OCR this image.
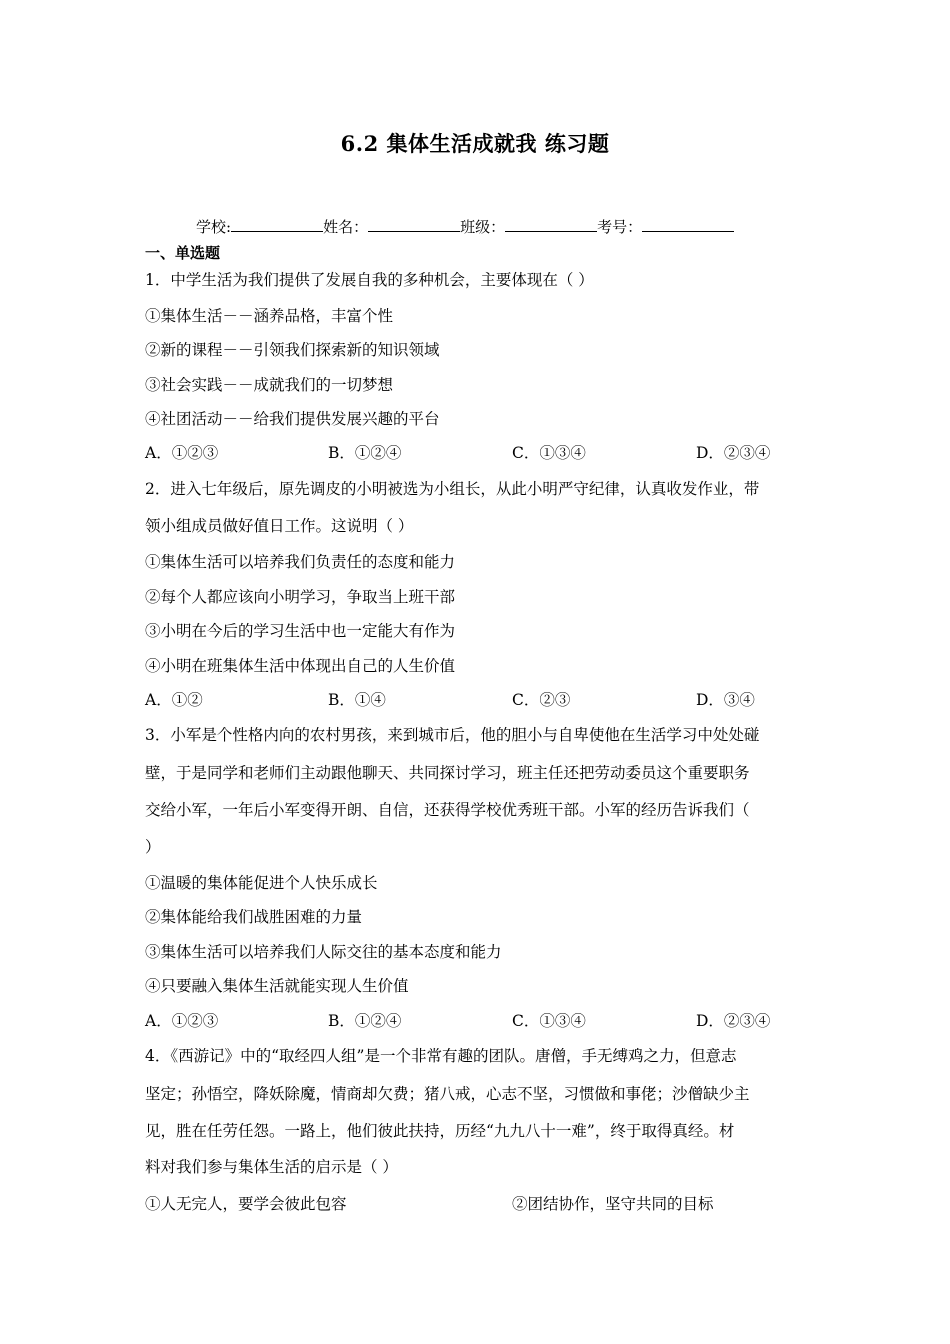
6.2 集体生活成就我 练习题
学校:	姓名：	班级：	考号：
一、单选题
1．中学生活为我们提供了发展自我的多种机会，主要体现在（ ）
①集体生活－－涵养品格，丰富个性
②新的课程－－引领我们探索新的知识领域
③社会实践－－成就我们的一切梦想
④社团活动－－给我们提供发展兴趣的平台
A．①②③	B．①②④	C．①③④	D．②③④
2．进入七年级后，原先调皮的小明被选为小组长，从此小明严守纪律，认真收发作业，带
领小组成员做好值日工作。这说明（ ）
①集体生活可以培养我们负责任的态度和能力
②每个人都应该向小明学习，争取当上班干部
③小明在今后的学习生活中也一定能大有作为
④小明在班集体生活中体现出自己的人生价值
A．①②	B．①④	C．②③	D．③④
3．小军是个性格内向的农村男孩，来到城市后，他的胆小与自卑使他在生活学习中处处碰
壁，于是同学和老师们主动跟他聊天、共同探讨学习，班主任还把劳动委员这个重要职务
交给小军，一年后小军变得开朗、自信，还获得学校优秀班干部。小军的经历告诉我们（
）
①温暖的集体能促进个人快乐成长
②集体能给我们战胜困难的力量
③集体生活可以培养我们人际交往的基本态度和能力
④只要融入集体生活就能实现人生价值
A．①②③	B．①②④	C．①③④	D．②③④
4．《西游记》中的“取经四人组”是一个非常有趣的团队。唐僧，手无缚鸡之力，但意志
坚定；孙悟空，降妖除魔，情商却欠费；猪八戒，心志不坚，习惯做和事佬；沙僧缺少主
见，胜在任劳任怨。一路上，他们彼此扶持，历经“九九八十一难”，终于取得真经。材
料对我们参与集体生活的启示是（ ）
①人无完人，要学会彼此包容	②团结协作，坚守共同的目标
